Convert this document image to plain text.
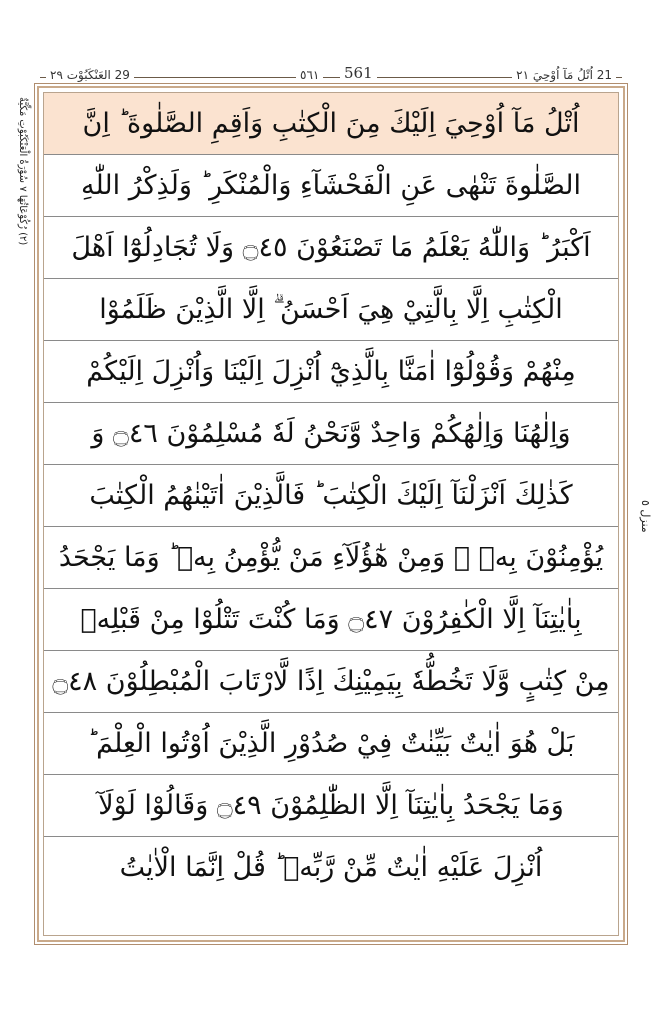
21 اُتْلُ مَآ اُوْحِيَ ٢١
٥٦١ 561
29 العَنْكَبُوْت ٢٩
(٢) رُكُوْعَاتُهَا ٧ سُوْرَةُ الْعَنْكَبُوْتِ مَكِّيَّةٌ
منزل ٥
اُتْلُ مَآ اُوْحِيَ اِلَيْكَ مِنَ الْكِتٰبِ وَاَقِمِ الصَّلٰوةَ ؕ اِنَّ
الصَّلٰوةَ تَنْهٰى عَنِ الْفَحْشَآءِ وَالْمُنْكَرِ ؕ وَلَذِكْرُ اللّٰهِ
اَكْبَرُ ؕ وَاللّٰهُ يَعْلَمُ مَا تَصْنَعُوْنَ ۝٤٥ وَلَا تُجَادِلُوْٓا اَهْلَ
الْكِتٰبِ اِلَّا بِالَّتِيْ هِيَ اَحْسَنُ ۗ اِلَّا الَّذِيْنَ ظَلَمُوْا
مِنْهُمْ وَقُوْلُوْٓا اٰمَنَّا بِالَّذِيْٓ اُنْزِلَ اِلَيْنَا وَاُنْزِلَ اِلَيْكُمْ
وَاِلٰهُنَا وَاِلٰهُكُمْ وَاحِدٌ وَّنَحْنُ لَهٗ مُسْلِمُوْنَ ۝٤٦ وَ
كَذٰلِكَ اَنْزَلْنَآ اِلَيْكَ الْكِتٰبَ ؕ فَالَّذِيْنَ اٰتَيْنٰهُمُ الْكِتٰبَ
يُؤْمِنُوْنَ بِهٖ ۚ وَمِنْ هٰٓؤُلَآءِ مَنْ يُّؤْمِنُ بِهٖ ؕ وَمَا يَجْحَدُ
بِاٰيٰتِنَآ اِلَّا الْكٰفِرُوْنَ ۝٤٧ وَمَا كُنْتَ تَتْلُوْا مِنْ قَبْلِهٖ
مِنْ كِتٰبٍ وَّلَا تَخُطُّهٗ بِيَمِيْنِكَ اِذًا لَّارْتَابَ الْمُبْطِلُوْنَ ۝٤٨
بَلْ هُوَ اٰيٰتٌ بَيِّنٰتٌ فِيْ صُدُوْرِ الَّذِيْنَ اُوْتُوا الْعِلْمَ ؕ
وَمَا يَجْحَدُ بِاٰيٰتِنَآ اِلَّا الظّٰلِمُوْنَ ۝٤٩ وَقَالُوْا لَوْلَآ
اُنْزِلَ عَلَيْهِ اٰيٰتٌ مِّنْ رَّبِّهٖ ؕ قُلْ اِنَّمَا الْاٰيٰتُ
